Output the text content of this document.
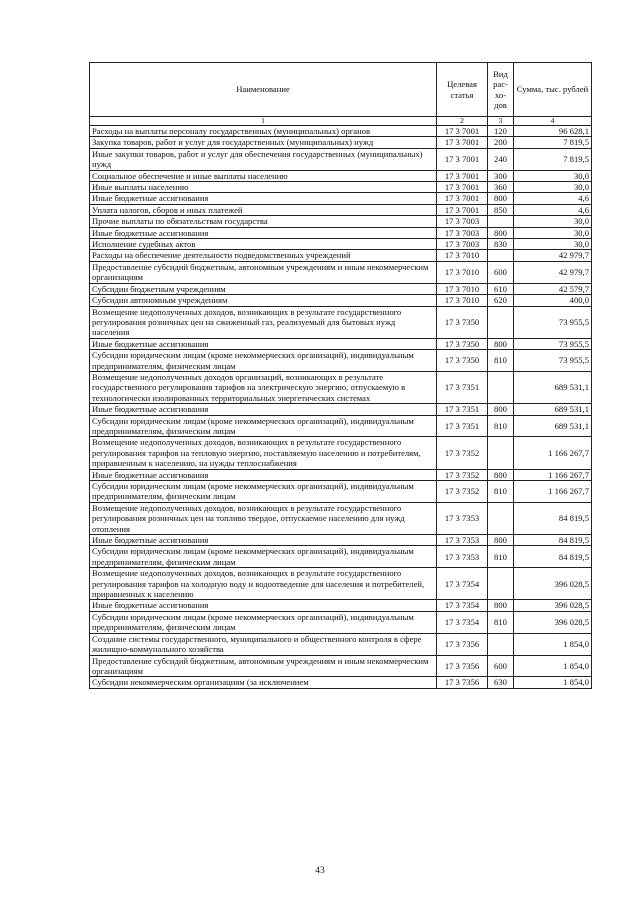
Наименование	Целевая статья	Вид рас-хо-дов	Сумма, тыс. рублей
1	2	3	4
Расходы на выплаты персоналу государственных (муниципальных) органов	17 3 7001	120	96 628,1
Закупка товаров, работ и услуг для государственных (муниципальных) нужд	17 3 7001	200	7 819,5
Иные закупки товаров, работ и услуг для обеспечения государственных (муниципальных) нужд	17 3 7001	240	7 819,5
Социальное обеспечение и иные выплаты населению	17 3 7001	300	30,0
Иные выплаты населению	17 3 7001	360	30,0
Иные бюджетные ассигнования	17 3 7001	800	4,6
Уплата налогов, сборов и иных платежей	17 3 7001	850	4,6
Прочие выплаты по обязательствам государства	17 3 7003		30,0
Иные бюджетные ассигнования	17 3 7003	800	30,0
Исполнение судебных актов	17 3 7003	830	30,0
Расходы на обеспечение деятельности подведомственных учреждений	17 3 7010		42 979,7
Предоставление субсидий бюджетным, автономным учреждениям и иным некоммерческим организациям	17 3 7010	600	42 979,7
Субсидии бюджетным учреждениям	17 3 7010	610	42 579,7
Субсидии автономным учреждениям	17 3 7010	620	400,0
Возмещение недополученных доходов, возникающих в результате государственного регулирования розничных цен на сжиженный газ, реализуемый для бытовых нужд населения	17 3 7350		73 955,5
Иные бюджетные ассигнования	17 3 7350	800	73 955,5
Субсидии юридическим лицам (кроме некоммерческих организаций), индивидуальным предпринимателям, физическим лицам	17 3 7350	810	73 955,5
Возмещение недополученных доходов организаций, возникающих в результате государственного регулирования тарифов на электрическую энергию, отпускаемую в технологически изолированных территориальных энергетических системах	17 3 7351		689 531,1
Иные бюджетные ассигнования	17 3 7351	800	689 531,1
Субсидии юридическим лицам (кроме некоммерческих организаций), индивидуальным предпринимателям, физическим лицам	17 3 7351	810	689 531,1
Возмещение недополученных доходов, возникающих в результате государственного регулирования тарифов на тепловую энергию, поставляемую населению и потребителям, приравненным к населению, на нужды теплоснабжения	17 3 7352		1 166 267,7
Иные бюджетные ассигнования	17 3 7352	800	1 166 267,7
Субсидии юридическим лицам (кроме некоммерческих организаций), индивидуальным предпринимателям, физическим лицам	17 3 7352	810	1 166 267,7
Возмещение недополученных доходов, возникающих в результате государственного регулирования розничных цен на топливо твердое, отпускаемое населению для нужд отопления	17 3 7353		84 819,5
Иные бюджетные ассигнования	17 3 7353	800	84 819,5
Субсидии юридическим лицам (кроме некоммерческих организаций), индивидуальным предпринимателям, физическим лицам	17 3 7353	810	84 819,5
Возмещение недополученных доходов, возникающих в результате государственного регулирования тарифов на холодную воду и водоотведение для населения и потребителей, приравненных к населению	17 3 7354		396 028,5
Иные бюджетные ассигнования	17 3 7354	800	396 028,5
Субсидии юридическим лицам (кроме некоммерческих организаций), индивидуальным предпринимателям, физическим лицам	17 3 7354	810	396 028,5
Создание системы государственного, муниципального и общественного контроля в сфере жилищно-коммунального хозяйства	17 3 7356		1 854,0
Предоставление субсидий бюджетным, автономным учреждениям и иным некоммерческим организациям	17 3 7356	600	1 854,0
Субсидии некоммерческим организациям (за исключением	17 3 7356	630	1 854,0
43
